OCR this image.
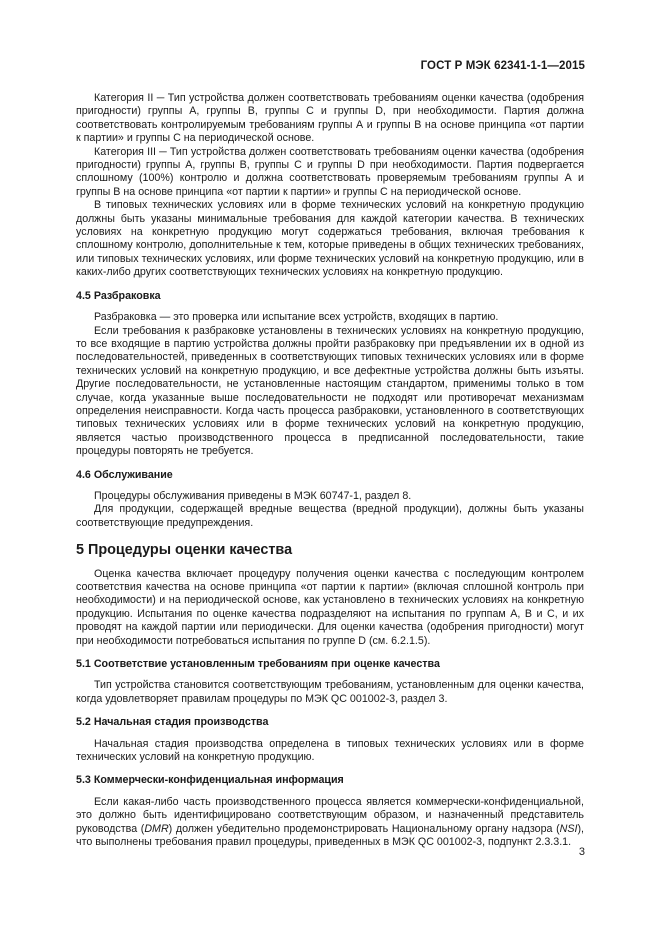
ГОСТ Р МЭК 62341-1-1—2015

Категория II ─ Тип устройства должен соответствовать требованиям оценки качества (одобрения пригодности) группы А, группы В, группы С и группы D, при необходимости. Партия должна соответствовать контролируемым требованиям группы А и группы В на основе принципа «от партии к партии» и группы С на периодической основе.

Категория III ─ Тип устройства должен соответствовать требованиям оценки качества (одобрения пригодности) группы А, группы В, группы С и группы D при необходимости. Партия подвергается сплошному (100%) контролю и должна соответствовать проверяемым требованиям группы А и группы В на основе принципа «от партии к партии» и группы С на периодической основе.

В типовых технических условиях или в форме технических условий на конкретную продукцию должны быть указаны минимальные требования для каждой категории качества. В технических условиях на конкретную продукцию могут содержаться требования, включая требования к сплошному контролю, дополнительные к тем, которые приведены в общих технических требованиях, или типовых технических условиях, или форме технических условий на конкретную продукцию, или в каких-либо других соответствующих технических условиях на конкретную продукцию.

4.5 Разбраковка

Разбраковка — это проверка или испытание всех устройств, входящих в партию.

Если требования к разбраковке установлены в технических условиях на конкретную продукцию, то все входящие в партию устройства должны пройти разбраковку при предъявлении их в одной из последовательностей, приведенных в соответствующих типовых технических условиях или в форме технических условий на конкретную продукцию, и все дефектные устройства должны быть изъяты. Другие последовательности, не установленные настоящим стандартом, применимы только в том случае, когда указанные выше последовательности не подходят или противоречат механизмам определения неисправности. Когда часть процесса разбраковки, установленного в соответствующих типовых технических условиях или в форме технических условий на конкретную продукцию, является частью производственного процесса в предписанной последовательности, такие процедуры повторять не требуется.

4.6 Обслуживание

Процедуры обслуживания приведены в МЭК 60747-1, раздел 8.

Для продукции, содержащей вредные вещества (вредной продукции), должны быть указаны соответствующие предупреждения.

5 Процедуры оценки качества

Оценка качества включает процедуру получения оценки качества с последующим контролем соответствия качества на основе принципа «от партии к партии» (включая сплошной контроль при необходимости) и на периодической основе, как установлено в технических условиях на конкретную продукцию. Испытания по оценке качества подразделяют на испытания по группам А, В и С, и их проводят на каждой партии или периодически. Для оценки качества (одобрения пригодности) могут при необходимости потребоваться испытания по группе D (см. 6.2.1.5).

5.1 Соответствие установленным требованиям при оценке качества

Тип устройства становится соответствующим требованиям, установленным для оценки качества, когда удовлетворяет правилам процедуры по МЭК QC 001002-3, раздел 3.

5.2 Начальная стадия производства

Начальная стадия производства определена в типовых технических условиях или в форме технических условий на конкретную продукцию.

5.3 Коммерчески-конфиденциальная информация

Если какая-либо часть производственного процесса является коммерчески-конфиденциальной, это должно быть идентифицировано соответствующим образом, и назначенный представитель руководства (DMR) должен убедительно продемонстрировать Национальному органу надзора (NSI), что выполнены требования правил процедуры, приведенных в МЭК QC 001002-3, подпункт 2.3.3.1.

3
